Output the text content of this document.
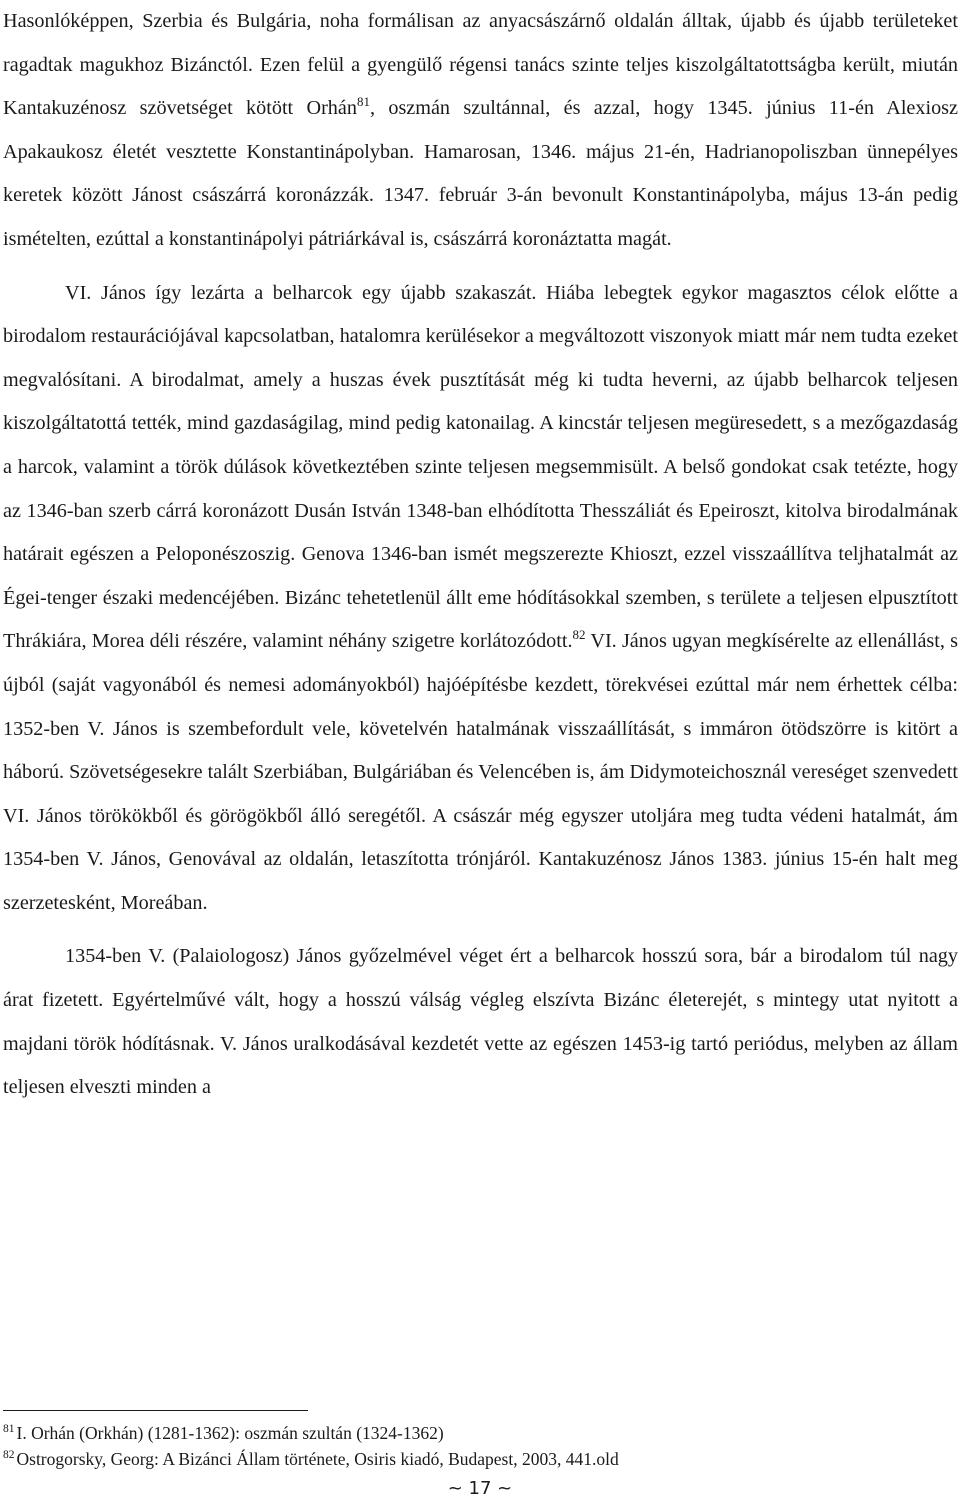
Hasonlóképpen, Szerbia és Bulgária, noha formálisan az anyacsászárnő oldalán álltak, újabb és újabb területeket ragadtak magukhoz Bizánctól. Ezen felül a gyengülő régensi tanács szinte teljes kiszolgáltatottságba került, miután Kantakuzénosz szövetséget kötött Orhán$^{81}$, oszmán szultánnal, és azzal, hogy 1345. június 11-én Alexiosz Apakaukosz életét vesztette Konstantinápolyban. Hamarosan, 1346. május 21-én, Hadrianopoliszban ünnepélyes keretek között Jánost császárrá koronázzák. 1347. február 3-án bevonult Konstantinápolyba, május 13-án pedig ismételten, ezúttal a konstantinápolyi pátriárkával is, császárrá koronáztatta magát.

VI. János így lezárta a belharcok egy újabb szakaszát. Hiába lebegtek egykor magasztos célok előtte a birodalom restaurációjával kapcsolatban, hatalomra kerülésekor a megváltozott viszonyok miatt már nem tudta ezeket megvalósítani. A birodalmat, amely a huszas évek pusztítását még ki tudta heverni, az újabb belharcok teljesen kiszolgáltatottá tették, mind gazdaságilag, mind pedig katonailag. A kincstár teljesen megüresedett, s a mezőgazdaság a harcok, valamint a török dúlások következtében szinte teljesen megsemmisült. A belső gondokat csak tetézte, hogy az 1346-ban szerb cárrá koronázott Dusán István 1348-ban elhódította Thesszáliát és Epeiroszt, kitolva birodalmának határait egészen a Peloponészoszig. Genova 1346-ban ismét megszerezte Khioszt, ezzel visszaállítva teljhatalmát az Égei-tenger északi medencéjében. Bizánc tehetetlenül állt eme hódításokkal szemben, s területe a teljesen elpusztított Thrákiára, Morea déli részére, valamint néhány szigetre korlátozódott.$^{82}$ VI. János ugyan megkísérelte az ellenállást, s újból (saját vagyonából és nemesi adományokból) hajóépítésbe kezdett, törekvései ezúttal már nem érhettek célba: 1352-ben V. János is szembefordult vele, követelvén hatalmának visszaállítását, s immáron ötödszörre is kitört a háború. Szövetségesekre talált Szerbiában, Bulgáriában és Velencében is, ám Didymoteichosznál vereséget szenvedett VI. János törökökből és görögökből álló seregétől. A császár még egyszer utoljára meg tudta védeni hatalmát, ám 1354-ben V. János, Genovával az oldalán, letaszította trónjáról. Kantakuzénosz János 1383. június 15-én halt meg szerzetesként, Moreában.

1354-ben V. (Palaiologosz) János győzelmével véget ért a belharcok hosszú sora, bár a birodalom túl nagy árat fizetett. Egyértelművé vált, hogy a hosszú válság végleg elszívta Bizánc életerejét, s mintegy utat nyitott a majdani török hódításnak. V. János uralkodásával kezdetét vette az egészen 1453-ig tartó periódus, melyben az állam teljesen elveszti minden a

$^{81}$ I. Orhán (Orkhán) (1281-1362): oszmán szultán (1324-1362)

$^{82}$ Ostrogorsky, Georg: A Bizánci Állam története, Osiris kiadó, Budapest, 2003, 441.old

~ 17 ~
